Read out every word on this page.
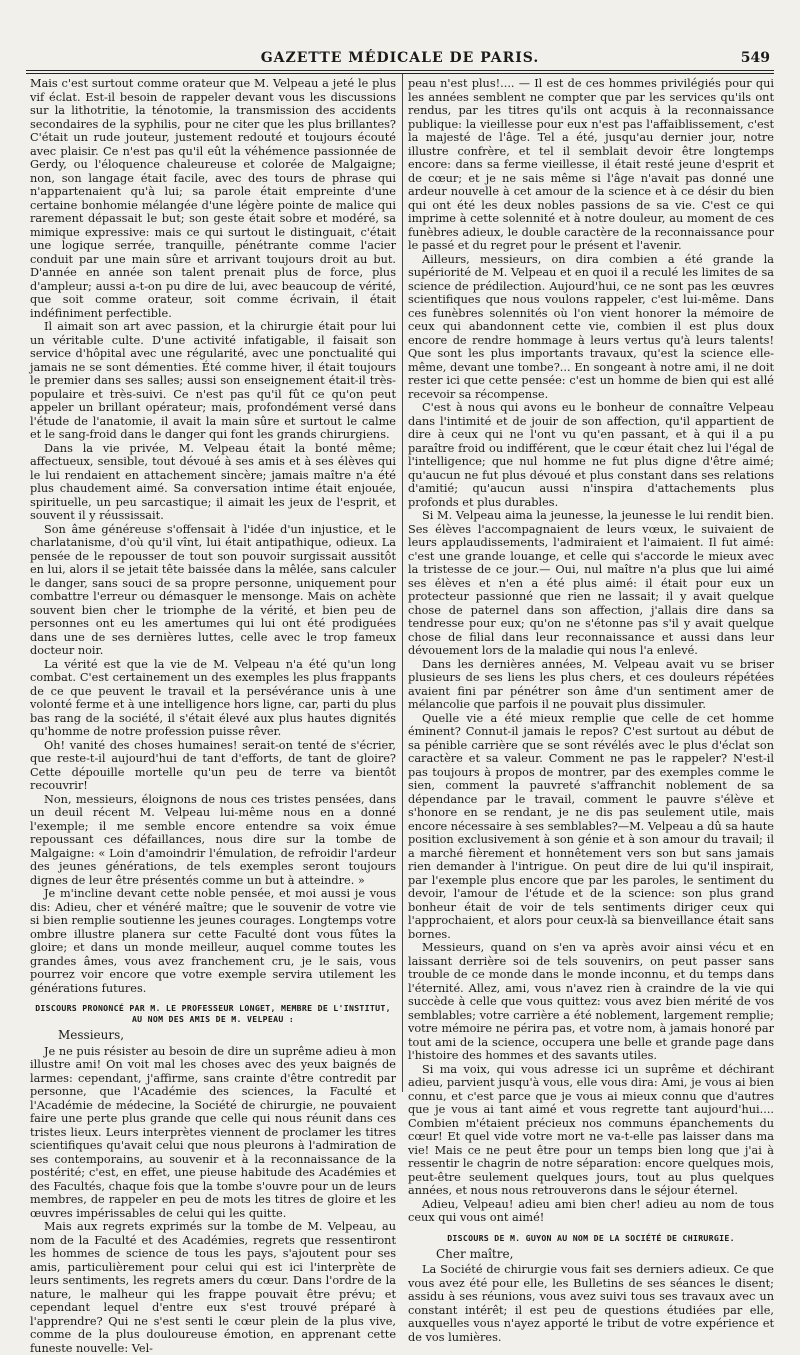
GAZETTE MÉDICALE DE PARIS.	549

Mais c'est surtout comme orateur que M. Velpeau a jeté le plus vif éclat. Est-il besoin de rappeler devant vous les discussions sur la lithotritie, la ténotomie, la transmission des accidents secondaires de la syphilis, pour ne citer que les plus brillantes? C'était un rude jouteur, justement redouté et toujours écouté avec plaisir. Ce n'est pas qu'il eût la véhémence passionnée de Gerdy, ou l'éloquence chaleureuse et colorée de Malgaigne; non, son langage était facile, avec des tours de phrase qui n'appartenaient qu'à lui; sa parole était empreinte d'une certaine bonhomie mélangée d'une légère pointe de malice qui rarement dépassait le but; son geste était sobre et modéré, sa mimique expressive: mais ce qui surtout le distinguait, c'était une logique serrée, tranquille, pénétrante comme l'acier conduit par une main sûre et arrivant toujours droit au but. D'année en année son talent prenait plus de force, plus d'ampleur; aussi a-t-on pu dire de lui, avec beaucoup de vérité, que soit comme orateur, soit comme écrivain, il était indéfiniment perfectible.

Il aimait son art avec passion, et la chirurgie était pour lui un véritable culte. D'une activité infatigable, il faisait son service d'hôpital avec une régularité, avec une ponctualité qui jamais ne se sont démenties. Été comme hiver, il était toujours le premier dans ses salles; aussi son enseignement était-il très-populaire et très-suivi. Ce n'est pas qu'il fût ce qu'on peut appeler un brillant opérateur; mais, profondément versé dans l'étude de l'anatomie, il avait la main sûre et surtout le calme et le sang-froid dans le danger qui font les grands chirurgiens.

Dans la vie privée, M. Velpeau était la bonté même; affectueux, sensible, tout dévoué à ses amis et à ses élèves qui le lui rendaient en attachement sincère; jamais maître n'a été plus chaudement aimé. Sa conversation intime était enjouée, spirituelle, un peu sarcastique; il aimait les jeux de l'esprit, et souvent il y réussissait.

Son âme généreuse s'offensait à l'idée d'un injustice, et le charlatanisme, d'où qu'il vînt, lui était antipathique, odieux. La pensée de le repousser de tout son pouvoir surgissait aussitôt en lui, alors il se jetait tête baissée dans la mêlée, sans calculer le danger, sans souci de sa propre personne, uniquement pour combattre l'erreur ou démasquer le mensonge. Mais on achète souvent bien cher le triomphe de la vérité, et bien peu de personnes ont eu les amertumes qui lui ont été prodiguées dans une de ses dernières luttes, celle avec le trop fameux docteur noir.

La vérité est que la vie de M. Velpeau n'a été qu'un long combat. C'est certainement un des exemples les plus frappants de ce que peuvent le travail et la persévérance unis à une volonté ferme et à une intelligence hors ligne, car, parti du plus bas rang de la société, il s'était élevé aux plus hautes dignités qu'homme de notre profession puisse rêver.

Oh! vanité des choses humaines! serait-on tenté de s'écrier, que reste-t-il aujourd'hui de tant d'efforts, de tant de gloire? Cette dépouille mortelle qu'un peu de terre va bientôt recouvrir!

Non, messieurs, éloignons de nous ces tristes pensées, dans un deuil récent M. Velpeau lui-même nous en a donné l'exemple; il me semble encore entendre sa voix émue repoussant ces défaillances, nous dire sur la tombe de Malgaigne: « Loin d'amoindrir l'émulation, de refroidir l'ardeur des jeunes générations, de tels exemples seront toujours dignes de leur être présentés comme un but à atteindre. »

Je m'incline devant cette noble pensée, et moi aussi je vous dis: Adieu, cher et vénéré maître; que le souvenir de votre vie si bien remplie soutienne les jeunes courages. Longtemps votre ombre illustre planera sur cette Faculté dont vous fûtes la gloire; et dans un monde meilleur, auquel comme toutes les grandes âmes, vous avez franchement cru, je le sais, vous pourrez voir encore que votre exemple servira utilement les générations futures.

DISCOURS PRONONCÉ PAR M. LE PROFESSEUR LONGET, MEMBRE DE L'INSTITUT, AU NOM DES AMIS DE M. VELPEAU :

Messieurs,

Je ne puis résister au besoin de dire un suprême adieu à mon illustre ami! On voit mal les choses avec des yeux baignés de larmes: cependant, j'affirme, sans crainte d'être contredit par personne, que l'Académie des sciences, la Faculté et l'Académie de médecine, la Société de chirurgie, ne pouvaient faire une perte plus grande que celle qui nous réunit dans ces tristes lieux. Leurs interprètes viennent de proclamer les titres scientifiques qu'avait celui que nous pleurons à l'admiration de ses contemporains, au souvenir et à la reconnaissance de la postérité; c'est, en effet, une pieuse habitude des Académies et des Facultés, chaque fois que la tombe s'ouvre pour un de leurs membres, de rappeler en peu de mots les titres de gloire et les œuvres impérissables de celui qui les quitte.

Mais aux regrets exprimés sur la tombe de M. Velpeau, au nom de la Faculté et des Académies, regrets que ressentiront les hommes de science de tous les pays, s'ajoutent pour ses amis, particulièrement pour celui qui est ici l'interprète de leurs sentiments, les regrets amers du cœur. Dans l'ordre de la nature, le malheur qui les frappe pouvait être prévu; et cependant lequel d'entre eux s'est trouvé préparé à l'apprendre? Qui ne s'est senti le cœur plein de la plus vive, comme de la plus douloureuse émotion, en apprenant cette funeste nouvelle: Vel-

peau n'est plus!.... — Il est de ces hommes privilégiés pour qui les années semblent ne compter que par les services qu'ils ont rendus, par les titres qu'ils ont acquis à la reconnaissance publique: la vieillesse pour eux n'est pas l'affaiblissement, c'est la majesté de l'âge. Tel a été, jusqu'au dernier jour, notre illustre confrère, et tel il semblait devoir être longtemps encore: dans sa ferme vieillesse, il était resté jeune d'esprit et de cœur; et je ne sais même si l'âge n'avait pas donné une ardeur nouvelle à cet amour de la science et à ce désir du bien qui ont été les deux nobles passions de sa vie. C'est ce qui imprime à cette solennité et à notre douleur, au moment de ces funèbres adieux, le double caractère de la reconnaissance pour le passé et du regret pour le présent et l'avenir.

Ailleurs, messieurs, on dira combien a été grande la supériorité de M. Velpeau et en quoi il a reculé les limites de sa science de prédilection. Aujourd'hui, ce ne sont pas les œuvres scientifiques que nous voulons rappeler, c'est lui-même. Dans ces funèbres solennités où l'on vient honorer la mémoire de ceux qui abandonnent cette vie, combien il est plus doux encore de rendre hommage à leurs vertus qu'à leurs talents! Que sont les plus importants travaux, qu'est la science elle-même, devant une tombe?... En songeant à notre ami, il ne doit rester ici que cette pensée: c'est un homme de bien qui est allé recevoir sa récompense.

C'est à nous qui avons eu le bonheur de connaître Velpeau dans l'intimité et de jouir de son affection, qu'il appartient de dire à ceux qui ne l'ont vu qu'en passant, et à qui il a pu paraître froid ou indifférent, que le cœur était chez lui l'égal de l'intelligence; que nul homme ne fut plus digne d'être aimé; qu'aucun ne fut plus dévoué et plus constant dans ses relations d'amitié; qu'aucun aussi n'inspira d'attachements plus profonds et plus durables.

Si M. Velpeau aima la jeunesse, la jeunesse le lui rendit bien. Ses élèves l'accompagnaient de leurs vœux, le suivaient de leurs applaudissements, l'admiraient et l'aimaient. Il fut aimé: c'est une grande louange, et celle qui s'accorde le mieux avec la tristesse de ce jour.— Oui, nul maître n'a plus que lui aimé ses élèves et n'en a été plus aimé: il était pour eux un protecteur passionné que rien ne lassait; il y avait quelque chose de paternel dans son affection, j'allais dire dans sa tendresse pour eux; qu'on ne s'étonne pas s'il y avait quelque chose de filial dans leur reconnaissance et aussi dans leur dévouement lors de la maladie qui nous l'a enlevé.

Dans les dernières années, M. Velpeau avait vu se briser plusieurs de ses liens les plus chers, et ces douleurs répétées avaient fini par pénétrer son âme d'un sentiment amer de mélancolie que parfois il ne pouvait plus dissimuler.

Quelle vie a été mieux remplie que celle de cet homme éminent? Connut-il jamais le repos? C'est surtout au début de sa pénible carrière que se sont révélés avec le plus d'éclat son caractère et sa valeur. Comment ne pas le rappeler? N'est-il pas toujours à propos de montrer, par des exemples comme le sien, comment la pauvreté s'affranchit noblement de sa dépendance par le travail, comment le pauvre s'élève et s'honore en se rendant, je ne dis pas seulement utile, mais encore nécessaire à ses semblables?—M. Velpeau a dû sa haute position exclusivement à son génie et à son amour du travail; il a marché fièrement et honnêtement vers son but sans jamais rien demander à l'intrigue. On peut dire de lui qu'il inspirait, par l'exemple plus encore que par les paroles, le sentiment du devoir, l'amour de l'étude et de la science: son plus grand bonheur était de voir de tels sentiments diriger ceux qui l'approchaient, et alors pour ceux-là sa bienveillance était sans bornes.

Messieurs, quand on s'en va après avoir ainsi vécu et en laissant derrière soi de tels souvenirs, on peut passer sans trouble de ce monde dans le monde inconnu, et du temps dans l'éternité. Allez, ami, vous n'avez rien à craindre de la vie qui succède à celle que vous quittez: vous avez bien mérité de vos semblables; votre carrière a été noblement, largement remplie; votre mémoire ne périra pas, et votre nom, à jamais honoré par tout ami de la science, occupera une belle et grande page dans l'histoire des hommes et des savants utiles.

Si ma voix, qui vous adresse ici un suprême et déchirant adieu, parvient jusqu'à vous, elle vous dira: Ami, je vous ai bien connu, et c'est parce que je vous ai mieux connu que d'autres que je vous ai tant aimé et vous regrette tant aujourd'hui.... Combien m'étaient précieux nos communs épanchements du cœur! Et quel vide votre mort ne va-t-elle pas laisser dans ma vie! Mais ce ne peut être pour un temps bien long que j'ai à ressentir le chagrin de notre séparation: encore quelques mois, peut-être seulement quelques jours, tout au plus quelques années, et nous nous retrouverons dans le séjour éternel.

Adieu, Velpeau! adieu ami bien cher! adieu au nom de tous ceux qui vous ont aimé!

DISCOURS DE M. GUYON AU NOM DE LA SOCIÉTÉ DE CHIRURGIE.

Cher maître,

La Société de chirurgie vous fait ses derniers adieux. Ce que vous avez été pour elle, les Bulletins de ses séances le disent; assidu à ses réunions, vous avez suivi tous ses travaux avec un constant intérêt; il est peu de questions étudiées par elle, auxquelles vous n'ayez apporté le tribut de votre expérience et de vos lumières.
